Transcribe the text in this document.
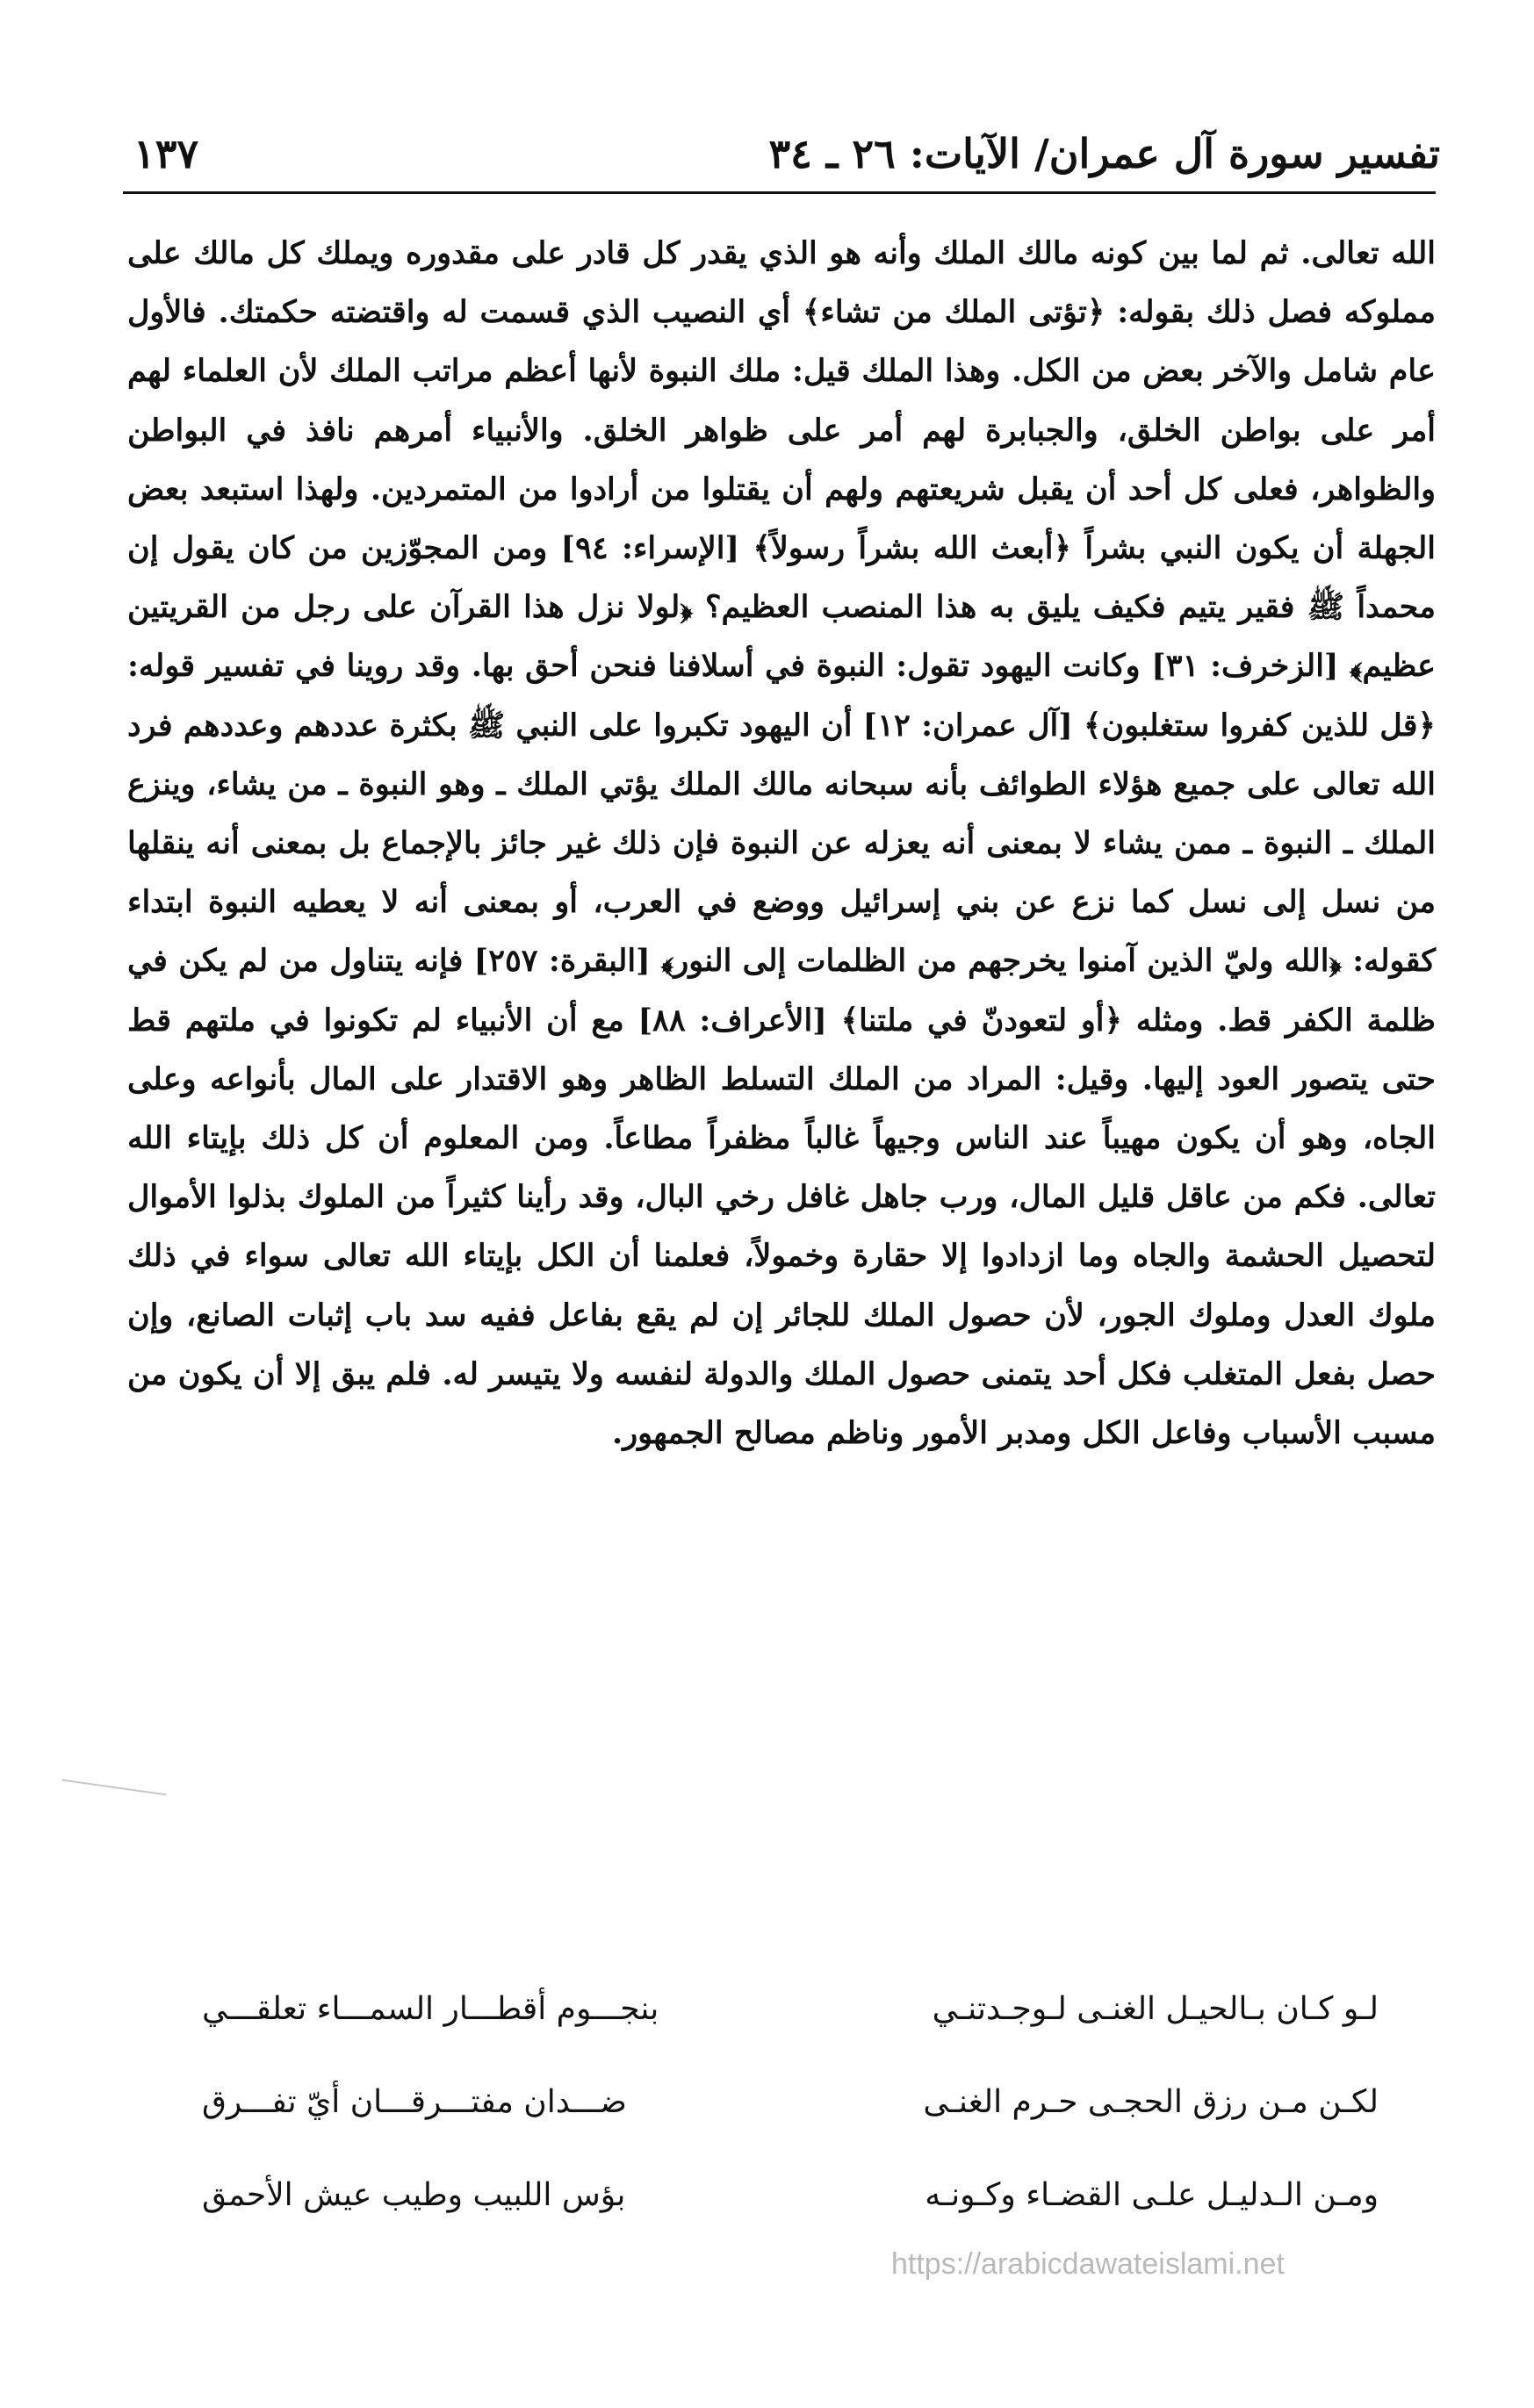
تفسير سورة آل عمران/ الآيات: ٢٦ ـ ٣٤
١٣٧

الله تعالى. ثم لما بين كونه مالك الملك وأنه هو الذي يقدر كل قادر على مقدوره ويملك كل مالك على مملوكه فصل ذلك بقوله: ﴿تؤتى الملك من تشاء﴾ أي النصيب الذي قسمت له واقتضته حكمتك. فالأول عام شامل والآخر بعض من الكل. وهذا الملك قيل: ملك النبوة لأنها أعظم مراتب الملك لأن العلماء لهم أمر على بواطن الخلق، والجبابرة لهم أمر على ظواهر الخلق. والأنبياء أمرهم نافذ في البواطن والظواهر، فعلى كل أحد أن يقبل شريعتهم ولهم أن يقتلوا من أرادوا من المتمردين. ولهذا استبعد بعض الجهلة أن يكون النبي بشراً ﴿أبعث الله بشراً رسولاً﴾ [الإسراء: ٩٤] ومن المجوّزين من كان يقول إن محمداً ﷺ فقير يتيم فكيف يليق به هذا المنصب العظيم؟ ﴿لولا نزل هذا القرآن على رجل من القريتين عظيم﴾ [الزخرف: ٣١] وكانت اليهود تقول: النبوة في أسلافنا فنحن أحق بها. وقد روينا في تفسير قوله: ﴿قل للذين كفروا ستغلبون﴾ [آل عمران: ١٢] أن اليهود تكبروا على النبي ﷺ بكثرة عددهم وعددهم فرد الله تعالى على جميع هؤلاء الطوائف بأنه سبحانه مالك الملك يؤتي الملك ـ وهو النبوة ـ من يشاء، وينزع الملك ـ النبوة ـ ممن يشاء لا بمعنى أنه يعزله عن النبوة فإن ذلك غير جائز بالإجماع بل بمعنى أنه ينقلها من نسل إلى نسل كما نزع عن بني إسرائيل ووضع في العرب، أو بمعنى أنه لا يعطيه النبوة ابتداء كقوله: ﴿الله وليّ الذين آمنوا يخرجهم من الظلمات إلى النور﴾ [البقرة: ٢٥٧] فإنه يتناول من لم يكن في ظلمة الكفر قط. ومثله ﴿أو لتعودنّ في ملتنا﴾ [الأعراف: ٨٨] مع أن الأنبياء لم تكونوا في ملتهم قط حتى يتصور العود إليها. وقيل: المراد من الملك التسلط الظاهر وهو الاقتدار على المال بأنواعه وعلى الجاه، وهو أن يكون مهيباً عند الناس وجيهاً غالباً مظفراً مطاعاً. ومن المعلوم أن كل ذلك بإيتاء الله تعالى. فكم من عاقل قليل المال، ورب جاهل غافل رخي البال، وقد رأينا كثيراً من الملوك بذلوا الأموال لتحصيل الحشمة والجاه وما ازدادوا إلا حقارة وخمولاً، فعلمنا أن الكل بإيتاء الله تعالى سواء في ذلك ملوك العدل وملوك الجور، لأن حصول الملك للجائر إن لم يقع بفاعل ففيه سد باب إثبات الصانع، وإن حصل بفعل المتغلب فكل أحد يتمنى حصول الملك والدولة لنفسه ولا يتيسر له. فلم يبق إلا أن يكون من مسبب الأسباب وفاعل الكل ومدبر الأمور وناظم مصالح الجمهور.

لـو كـان بـالحيـل الغنـى لـوجـدتنـي
بنجـــوم أقطـــار السمـــاء تعلقـــي
لكـن مـن رزق الحجـى حـرم الغنـى
ضـــدان مفتـــرقـــان أيّ تفـــرق
ومـن الـدليـل علـى القضـاء وكـونـه
بؤس اللبيب وطيب عيش الأحمق
https://arabicdawateislami.net
